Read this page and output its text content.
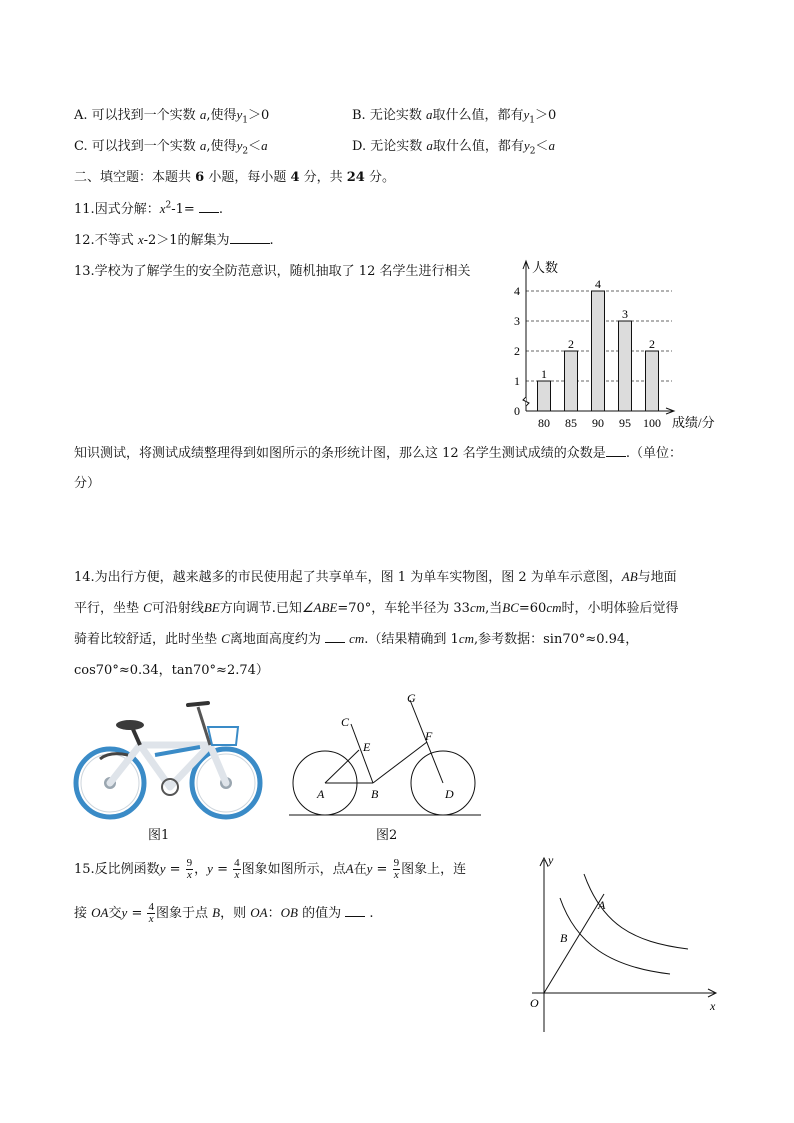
A. 可以找到一个实数 a,使得$y_1>0$	B. 无论实数 a取什么值，都有$y_1>0$
C. 可以找到一个实数 a,使得$y_2<a$	D. 无论实数 a取什么值，都有$y_2<a$
二、填空题：本题共 6 小题，每小题 4 分，共 24 分。
11.因式分解：$x^2-1=$ .
12.不等式 x-2＞1的解集为	.
13.学校为了解学生的安全防范意识，随机抽取了 12 名学生进行相关
知识测试，将测试成绩整理得到如图所示的条形统计图，那么这 12 名学生测试成绩的众数是 .（单位：
分）
1
80
2
85
4
90
3
95
2
100
0
1
2
3
4
人数
成绩/分
14.为出行方便，越来越多的市民使用起了共享单车，图 1 为单车实物图，图 2 为单车示意图，AB与地面
平行，坐垫 C可沿射线BE方向调节.已知∠ABE=70°，车轮半径为 33cm,当BC=60cm时，小明体验后觉得
骑着比较舒适，此时坐垫 C离地面高度约为  cm.（结果精确到 1cm,参考数据：sin70°≈0.94，
cos70°≈0.34，tan70°≈2.74）
图1
A	B
C
D
E
F
G
图2
15.反比例函数$y = \frac{9}{x}$ ，$y = \frac{4}{x}$ 图象如图所示，点A在$y = \frac{9}{x}$ 图象上，连
接 OA交$y = \frac{4}{x}$ 图象于点 B，则 OA：OB 的值为 .
y
x
O
A
B
